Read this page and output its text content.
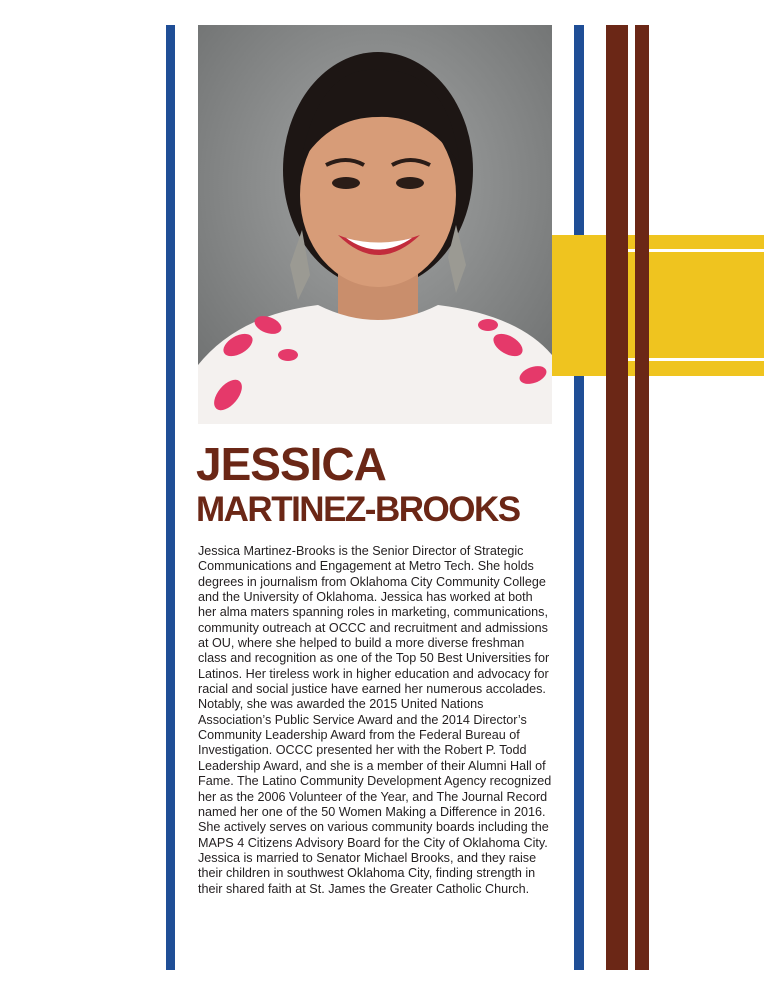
JESSICA
MARTINEZ-BROOKS

Jessica Martinez-Brooks is the Senior Director of Strategic Communications and Engagement at Metro Tech. She holds degrees in journalism from Oklahoma City Community College and the University of Oklahoma. Jessica has worked at both her alma maters spanning roles in marketing, communications, community outreach at OCCC and recruitment and admissions at OU, where she helped to build a more diverse freshman class and recognition as one of the Top 50 Best Universities for Latinos. Her tireless work in higher education and advocacy for racial and social justice have earned her numerous accolades. Notably, she was awarded the 2015 United Nations Association’s Public Service Award and the 2014 Director’s Community Leadership Award from the Federal Bureau of Investigation. OCCC presented her with the Robert P. Todd Leadership Award, and she is a member of their Alumni Hall of Fame. The Latino Community Development Agency recognized her as the 2006 Volunteer of the Year, and The Journal Record named her one of the 50 Women Making a Difference in 2016. She actively serves on various community boards including the MAPS 4 Citizens Advisory Board for the City of Oklahoma City. Jessica is married to Senator Michael Brooks, and they raise their children in southwest Oklahoma City, finding strength in their shared faith at St. James the Greater Catholic Church.
